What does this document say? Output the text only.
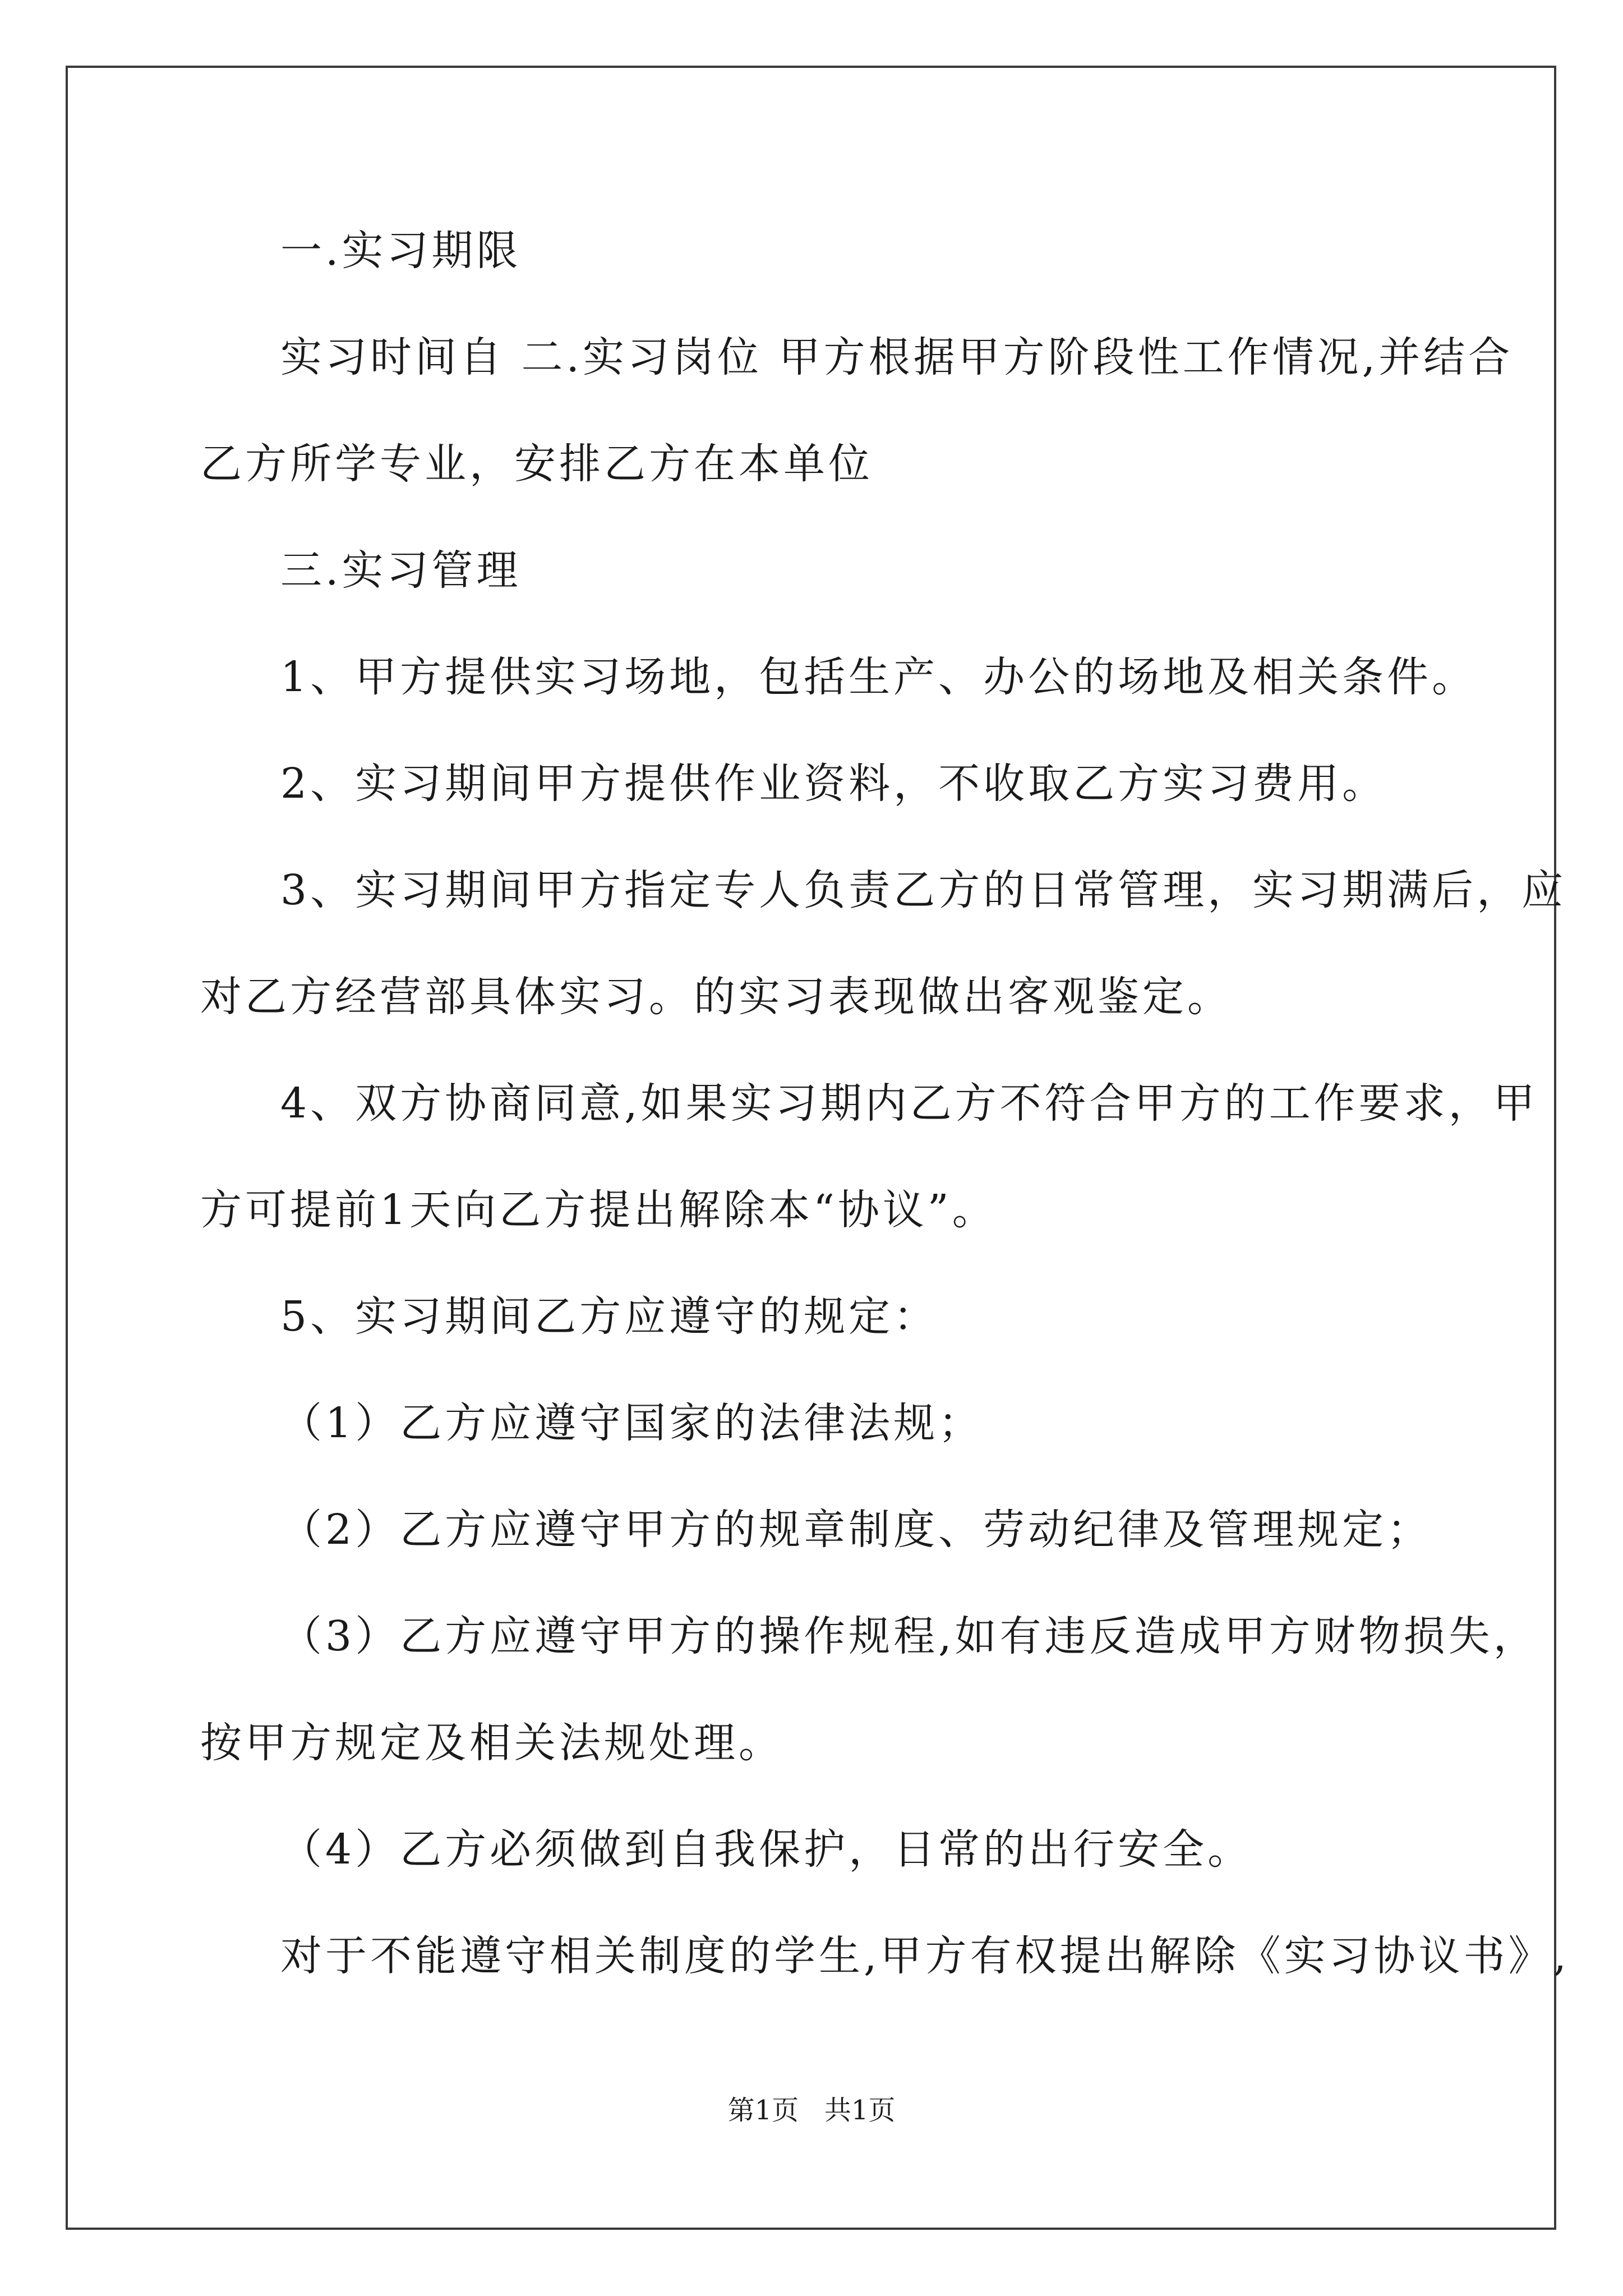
一.实习期限

实习时间自 二.实习岗位 甲方根据甲方阶段性工作情况,并结合

乙方所学专业，安排乙方在本单位

三.实习管理

1、甲方提供实习场地，包括生产、办公的场地及相关条件。

2、实习期间甲方提供作业资料，不收取乙方实习费用。

3、实习期间甲方指定专人负责乙方的日常管理，实习期满后，应

对乙方经营部具体实习。的实习表现做出客观鉴定。

4、双方协商同意,如果实习期内乙方不符合甲方的工作要求，甲

方可提前1天向乙方提出解除本“协议”。

5、实习期间乙方应遵守的规定：

（1）乙方应遵守国家的法律法规；

（2）乙方应遵守甲方的规章制度、劳动纪律及管理规定；

（3）乙方应遵守甲方的操作规程,如有违反造成甲方财物损失，

按甲方规定及相关法规处理。

（4）乙方必须做到自我保护，日常的出行安全。

对于不能遵守相关制度的学生,甲方有权提出解除《实习协议书》,

第1页   共1页
